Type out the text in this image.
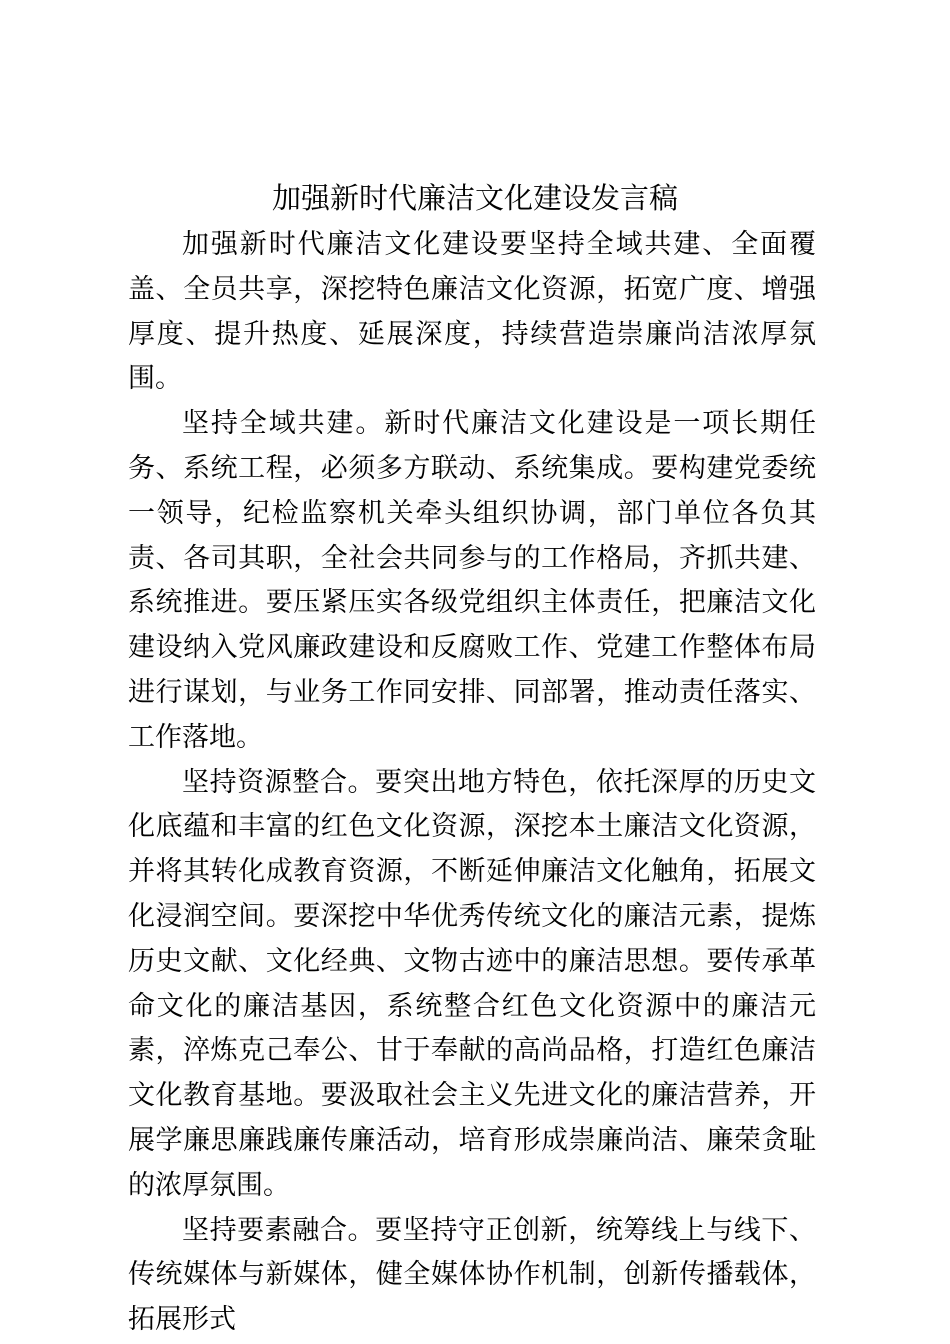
加强新时代廉洁文化建设发言稿

加强新时代廉洁文化建设要坚持全域共建、全面覆盖、全员共享，深挖特色廉洁文化资源，拓宽广度、增强厚度、提升热度、延展深度，持续营造崇廉尚洁浓厚氛围。

坚持全域共建。新时代廉洁文化建设是一项长期任务、系统工程，必须多方联动、系统集成。要构建党委统一领导，纪检监察机关牵头组织协调，部门单位各负其责、各司其职，全社会共同参与的工作格局，齐抓共建、系统推进。要压紧压实各级党组织主体责任，把廉洁文化建设纳入党风廉政建设和反腐败工作、党建工作整体布局进行谋划，与业务工作同安排、同部署，推动责任落实、工作落地。

坚持资源整合。要突出地方特色，依托深厚的历史文化底蕴和丰富的红色文化资源，深挖本土廉洁文化资源，并将其转化成教育资源，不断延伸廉洁文化触角，拓展文化浸润空间。要深挖中华优秀传统文化的廉洁元素，提炼历史文献、文化经典、文物古迹中的廉洁思想。要传承革命文化的廉洁基因，系统整合红色文化资源中的廉洁元素，淬炼克己奉公、甘于奉献的高尚品格，打造红色廉洁文化教育基地。要汲取社会主义先进文化的廉洁营养，开展学廉思廉践廉传廉活动，培育形成崇廉尚洁、廉荣贪耻的浓厚氛围。

坚持要素融合。要坚持守正创新，统筹线上与线下、传统媒体与新媒体，健全媒体协作机制，创新传播载体，拓展形式
